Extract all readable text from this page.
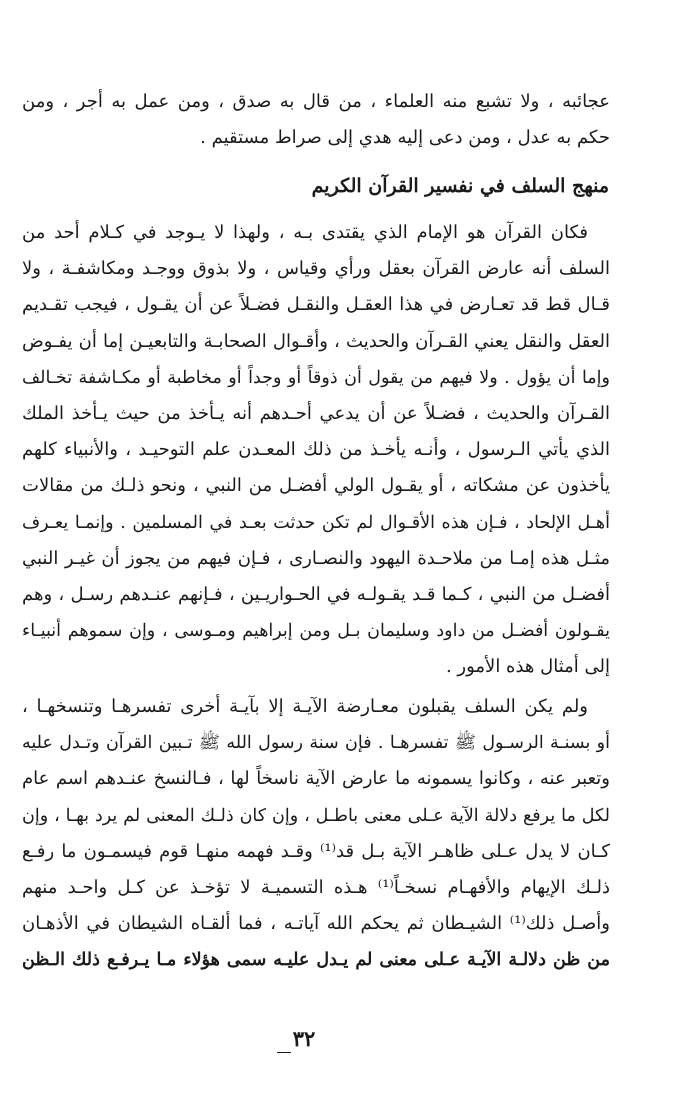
عجائبه ، ولا تشبع منه العلماء ، من قال به صدق ، ومن عمل به أجر ، ومن
حكم به عدل ، ومن دعى إليه هدي إلى صراط مستقيم .
منهج السلف في نفسير القرآن الكريم
فكان القرآن هو الإمام الذي يقتدى بـه ، ولهذا لا يـوجد في كـلام أحد من
السلف أنه عارض القرآن بعقل ورأي وقياس ، ولا بذوق ووجـد ومكاشفـة ، ولا
قـال قط قد تعـارض في هذا العقـل والنقـل فضـلاً عن أن يقـول ، فيجب تقـديم
العقل والنقل يعني القـرآن والحديث ، وأقـوال الصحابـة والتابعيـن إما أن يفـوض
وإما أن يؤول . ولا فيهم من يقول أن ذوقاً أو وجداً أو مخاطبة أو مكـاشفة تخـالف
القـرآن والحديث ، فضـلاً عن أن يدعي أحـدهم أنه يـأخذ من حيث يـأخذ الملك
الذي يأتي الـرسول ، وأنـه يأخـذ من ذلك المعـدن علم التوحيـد ، والأنبياء كلهم
يأخذون عن مشكاته ، أو يقـول الولي أفضـل من النبي ، ونحو ذلـك من مقالات
أهـل الإلحاد ، فـإن هذه الأقـوال لم تكن حدثت بعـد في المسلمين . وإنمـا يعـرف
مثـل هذه إمـا من ملاحـدة اليهود والنصـارى ، فـإن فيهم من يجوز أن غيـر النبي
أفضـل من النبي ، كـما قـد يقـولـه في الحـواريـين ، فـإنهم عنـدهم رسـل ، وهم
يقـولون أفضـل من داود وسليمان بـل ومن إبراهيم ومـوسى ، وإن سموهم أنبيـاء
إلى أمثال هذه الأمور .
ولم يكن السلف يقبلون معـارضة الآيـة إلا بآيـة أخرى تفسرهـا وتنسخهـا ،
أو بسنـة الرسـول ﷺ تفسرهـا . فإن سنة رسول الله ﷺ تـبين القرآن وتـدل عليه
وتعبر عنه ، وكانوا يسمونه ما عارض الآية ناسخاً لها ، فـالنسخ عنـدهم اسم عام
لكل ما يرفع دلالة الآية عـلى معنى باطـل ، وإن كان ذلـك المعنى لم يرد بهـا ، وإن
كـان لا يدل عـلى ظاهـر الآية بـل قد⁽¹⁾ وقـد فهمه منهـا قوم فيسمـون ما رفـع
ذلـك الإيهام والأفهـام نسخـاً⁽¹⁾ هـذه التسميـة لا تؤخـذ عن كـل واحـد منهم
وأصـل ذلك⁽¹⁾ الشيـطان ثم يحكم الله آياتـه ، فما ألقـاه الشيطان في الأذهـان
من ظن دلالـة الآيـة عـلى معنى لم يـدل عليـه سمى هؤلاء مـا يـرفـع ذلك الـظن
٣٢
